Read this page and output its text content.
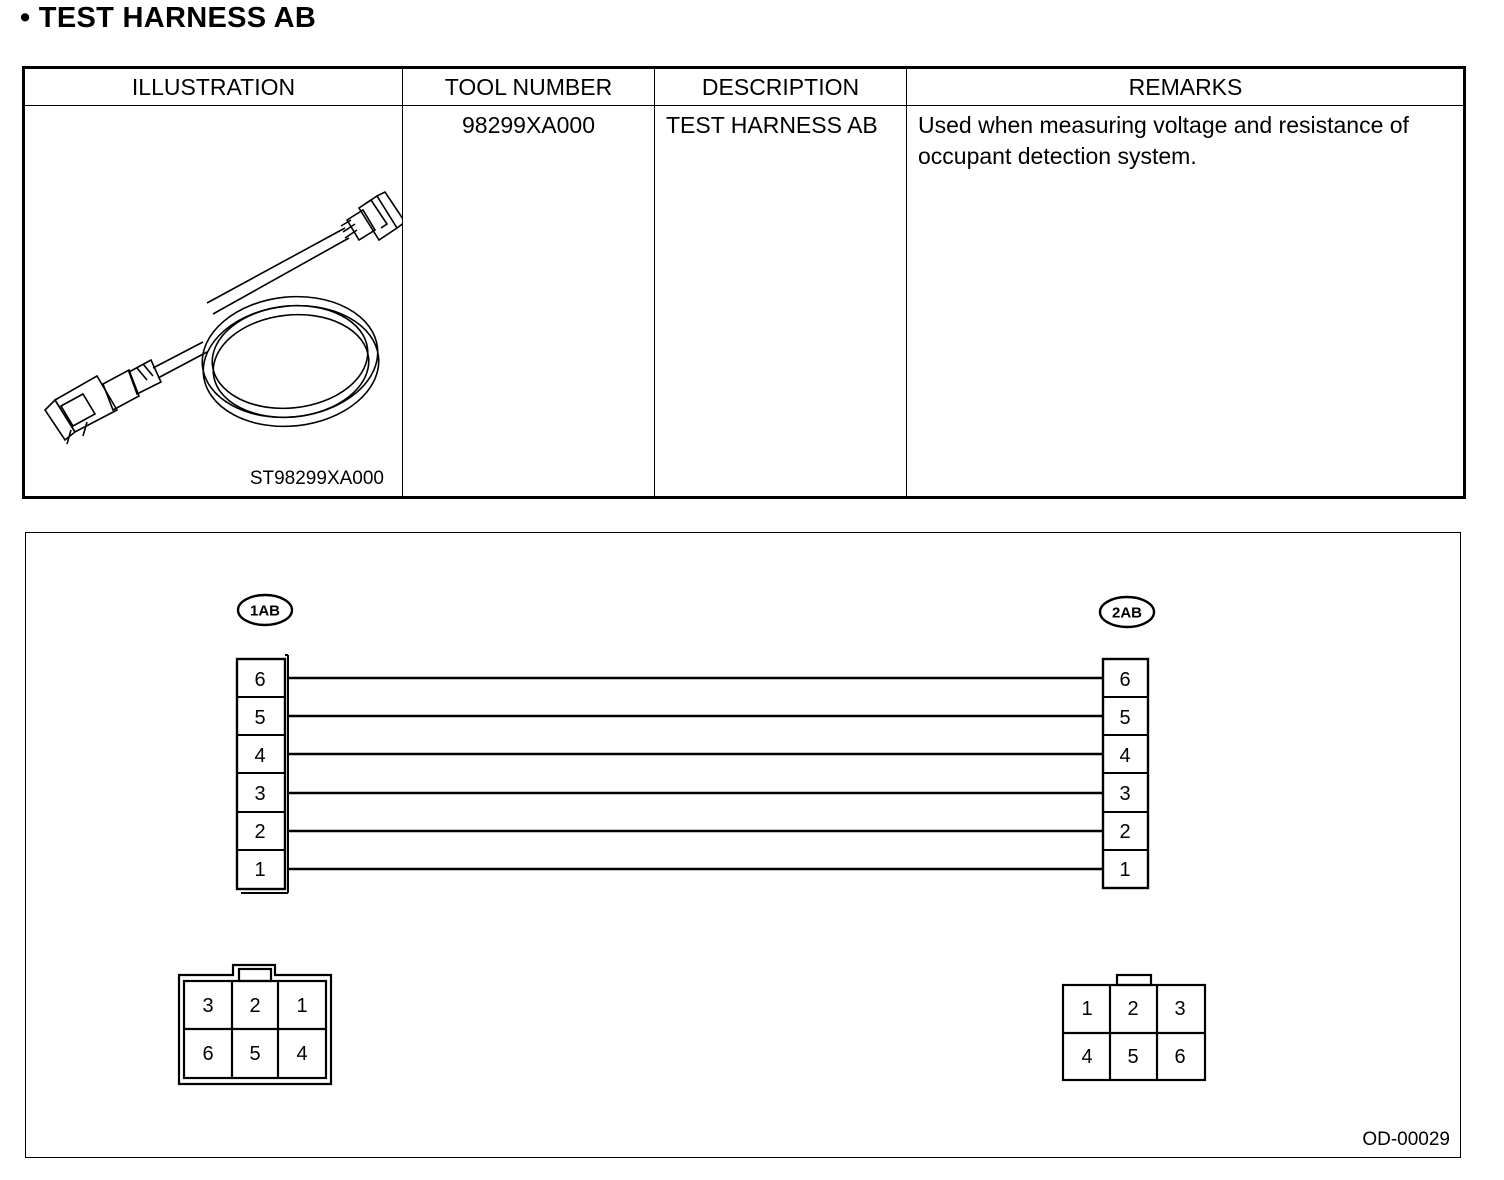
• TEST HARNESS AB
ILLUSTRATION	TOOL NUMBER	DESCRIPTION	REMARKS

ST98299XA000	98299XA000	TEST HARNESS AB	Used when measuring voltage and resistance of occupant detection system.
1AB	2AB
6
5
4
3
2
1
6
5
4
3
2
1
3 2 1
6 5 4
1 2 3
4 5 6
OD-00029
